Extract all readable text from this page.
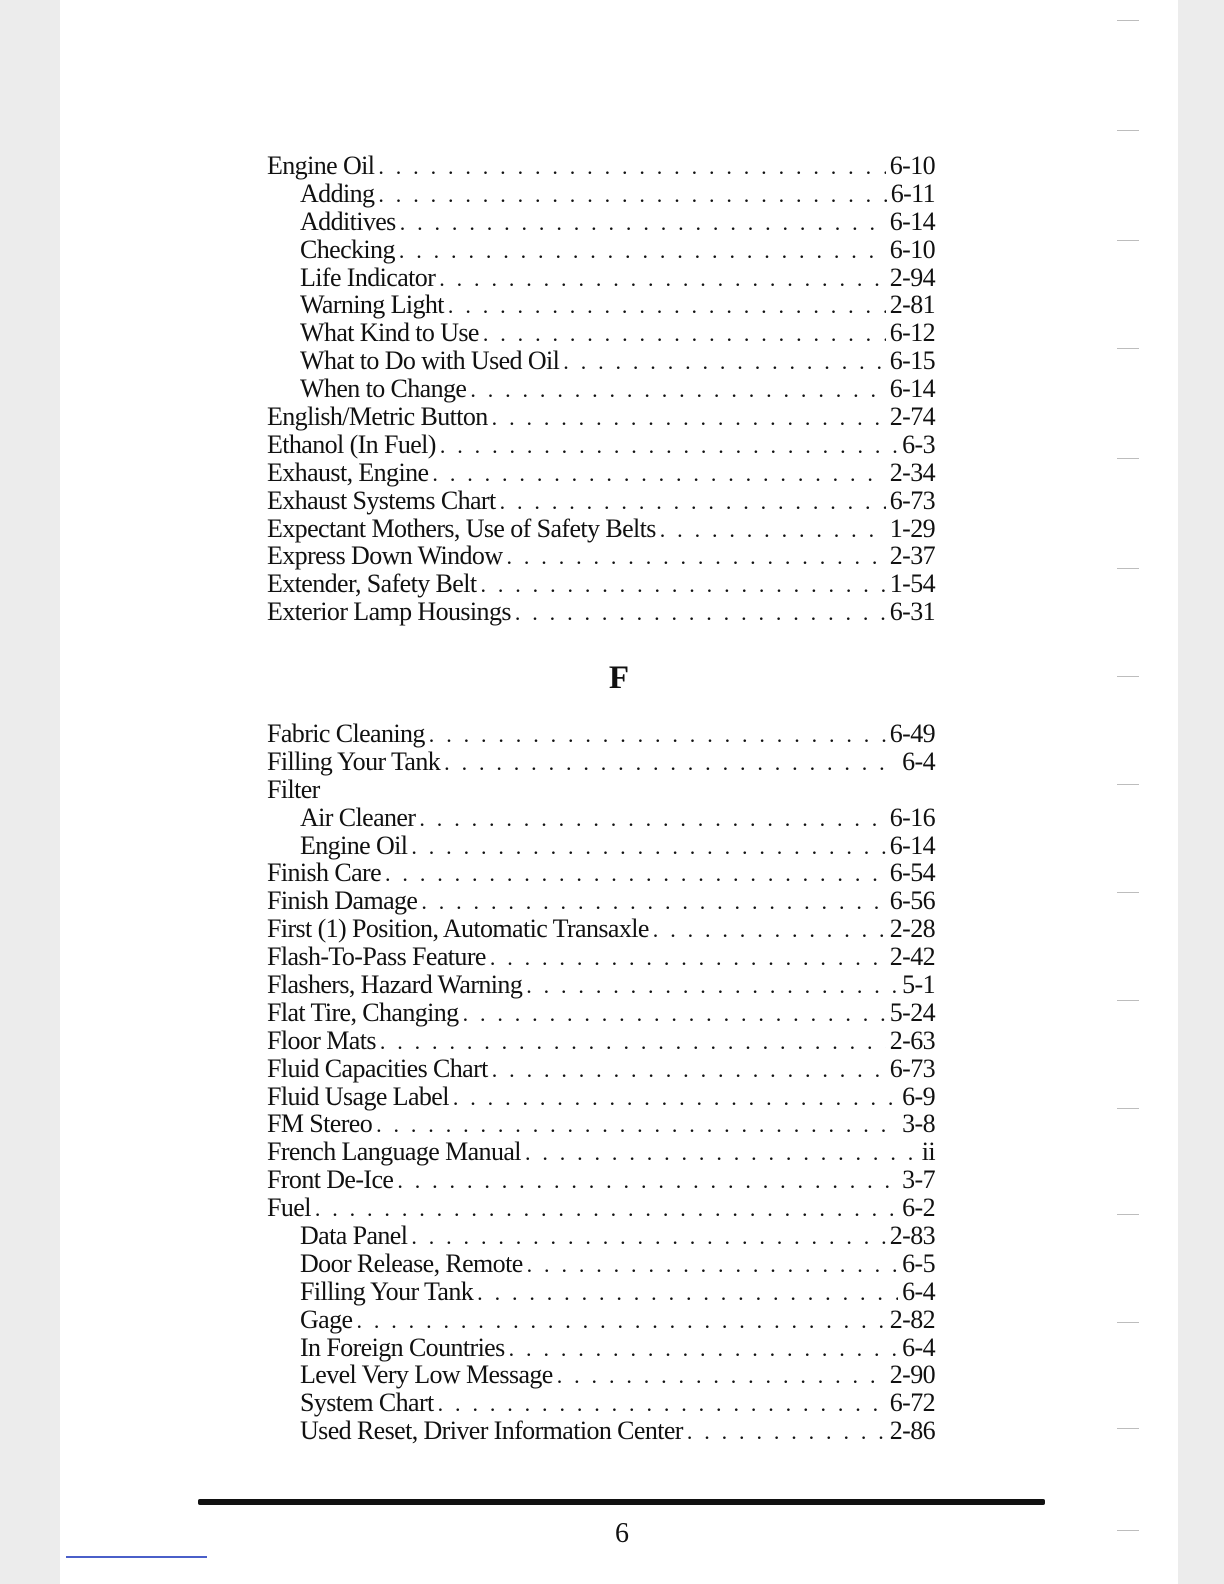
Engine Oil . . .	6-10
Adding . . .	6-11
Additives . . .	6-14
Checking . . .	6-10
Life Indicator . . .	2-94
Warning Light . . .	2-81
What Kind to Use . . .	6-12
What to Do with Used Oil . . .	6-15
When to Change . . .	6-14
English/Metric Button . . .	2-74
Ethanol (In Fuel) . . .	6-3
Exhaust, Engine . . .	2-34
Exhaust Systems Chart . . .	6-73
Expectant Mothers, Use of Safety Belts . . .	1-29
Express Down Window . . .	2-37
Extender, Safety Belt . . .	1-54
Exterior Lamp Housings . . .	6-31
F
Fabric Cleaning . . .	6-49
Filling Your Tank . . .	6-4
Filter
Air Cleaner . . .	6-16
Engine Oil . . .	6-14
Finish Care . . .	6-54
Finish Damage . . .	6-56
First (1) Position, Automatic Transaxle . . .	2-28
Flash-To-Pass Feature . . .	2-42
Flashers, Hazard Warning . . .	5-1
Flat Tire, Changing . . .	5-24
Floor Mats . . .	2-63
Fluid Capacities Chart . . .	6-73
Fluid Usage Label . . .	6-9
FM Stereo . . .	3-8
French Language Manual . . .	ii
Front De-Ice . . .	3-7
Fuel . . .	6-2
Data Panel . . .	2-83
Door Release, Remote . . .	6-5
Filling Your Tank . . .	6-4
Gage . . .	2-82
In Foreign Countries . . .	6-4
Level Very Low Message . . .	2-90
System Chart . . .	6-72
Used Reset, Driver Information Center . . .	2-86
6
